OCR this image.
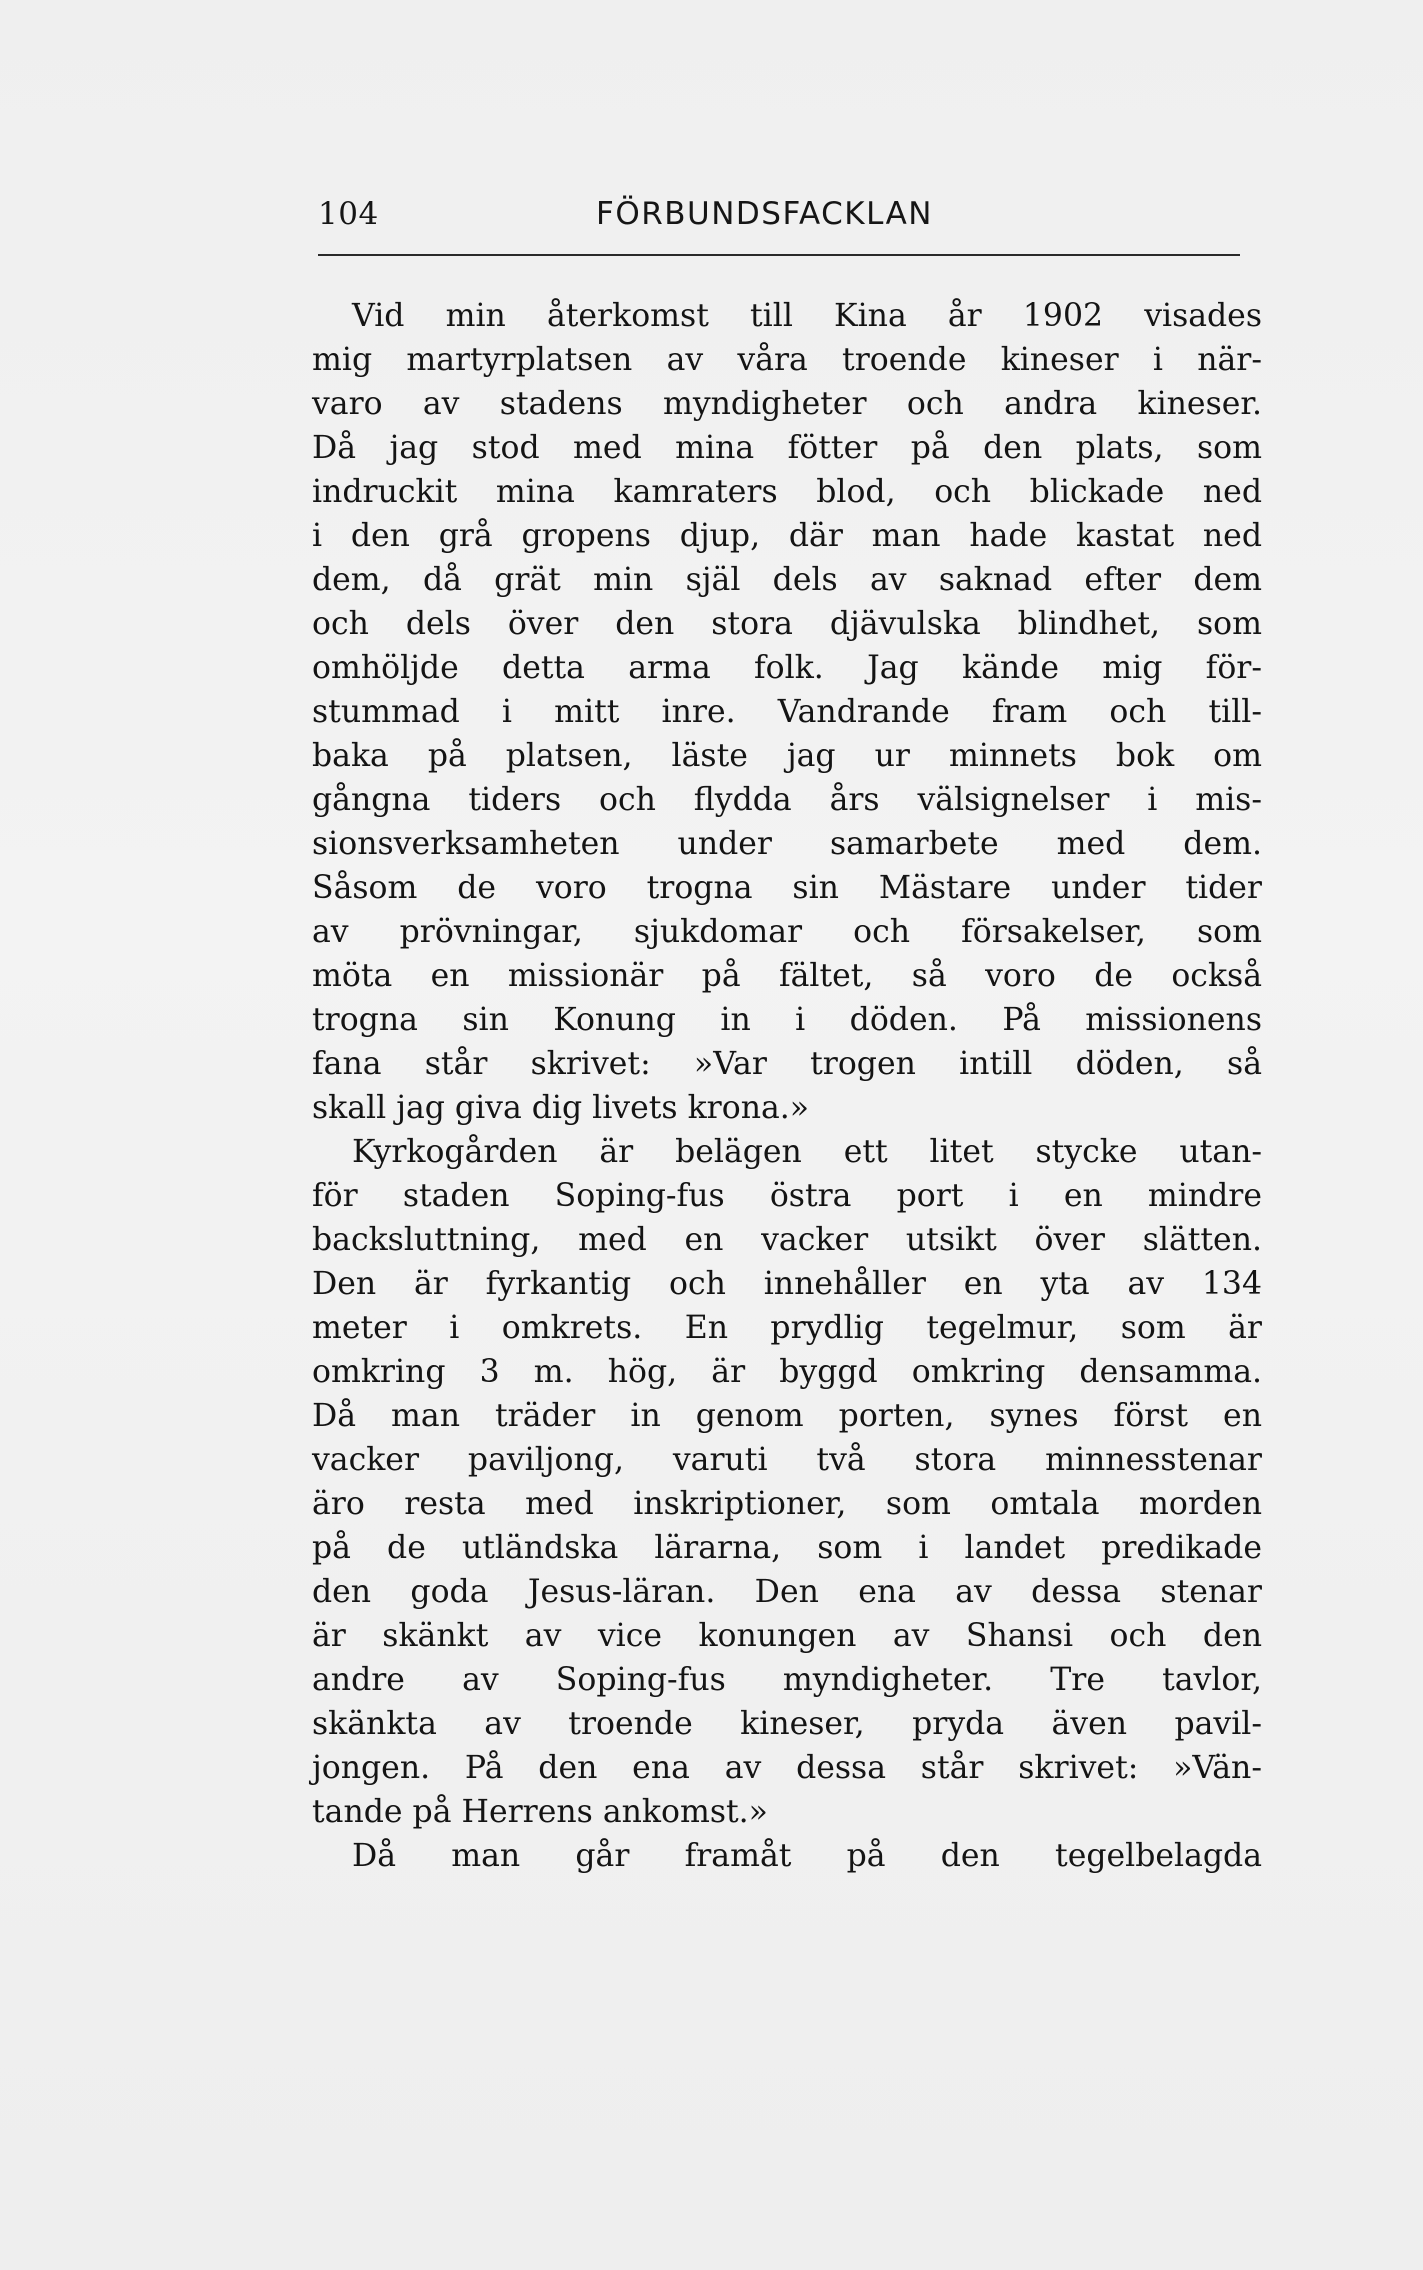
104	FÖRBUNDSFACKLAN
Vid min återkomst till Kina år 1902 visades
mig martyrplatsen av våra troende kineser i när-
varo av stadens myndigheter och andra kineser.
Då jag stod med mina fötter på den plats, som
indruckit mina kamraters blod, och blickade ned
i den grå gropens djup, där man hade kastat ned
dem, då grät min själ dels av saknad efter dem
och dels över den stora djävulska blindhet, som
omhöljde detta arma folk. Jag kände mig för-
stummad i mitt inre. Vandrande fram och till-
baka på platsen, läste jag ur minnets bok om
gångna tiders och flydda års välsignelser i mis-
sionsverksamheten under samarbete med dem.
Såsom de voro trogna sin Mästare under tider
av prövningar, sjukdomar och försakelser, som
möta en missionär på fältet, så voro de också
trogna sin Konung in i döden. På missionens
fana står skrivet: »Var trogen intill döden, så
skall jag giva dig livets krona.»
Kyrkogården är belägen ett litet stycke utan-
för staden Soping-fus östra port i en mindre
backsluttning, med en vacker utsikt över slätten.
Den är fyrkantig och innehåller en yta av 134
meter i omkrets. En prydlig tegelmur, som är
omkring 3 m. hög, är byggd omkring densamma.
Då man träder in genom porten, synes först en
vacker paviljong, varuti två stora minnesstenar
äro resta med inskriptioner, som omtala morden
på de utländska lärarna, som i landet predikade
den goda Jesus-läran. Den ena av dessa stenar
är skänkt av vice konungen av Shansi och den
andre av Soping-fus myndigheter. Tre tavlor,
skänkta av troende kineser, pryda även pavil-
jongen. På den ena av dessa står skrivet: »Vän-
tande på Herrens ankomst.»
Då man går framåt på den tegelbelagda
